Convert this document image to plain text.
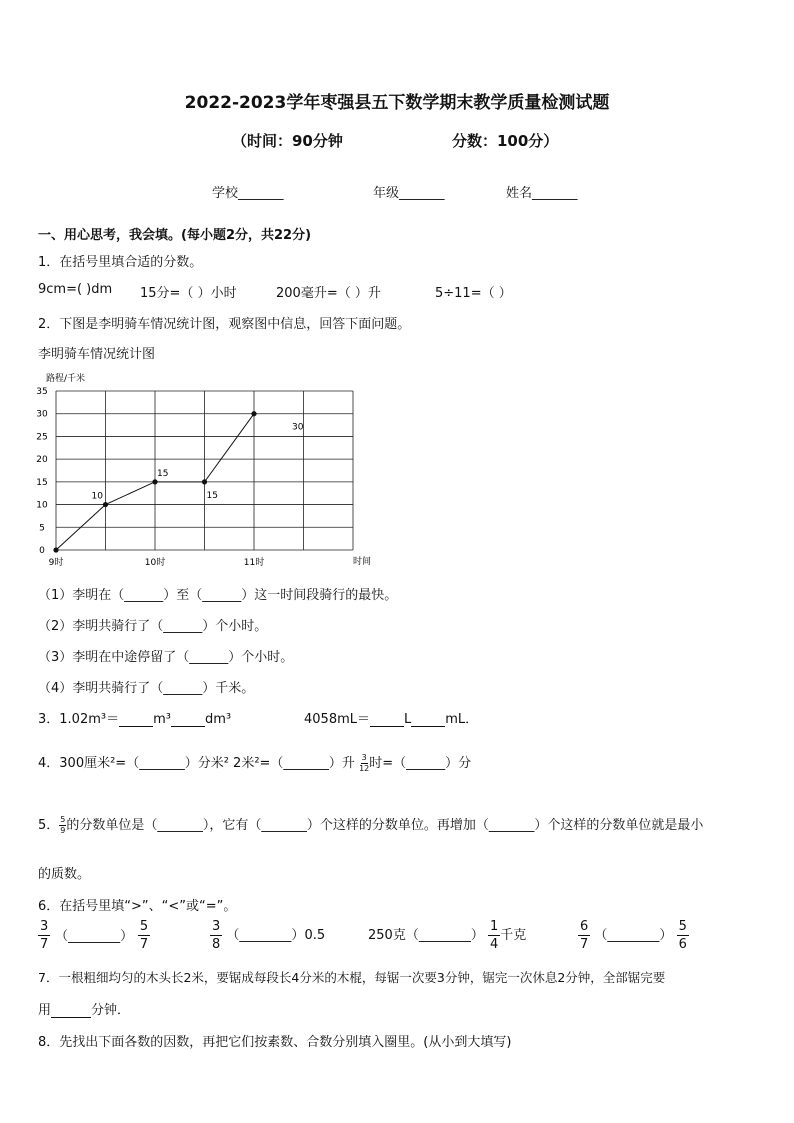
2022-2023学年枣强县五下数学期末教学质量检测试题
（时间：90分钟	分数：100分）
学校_______	年级_______	姓名_______
一、用心思考，我会填。(每小题2分，共22分)
1．在括号里填合适的分数。
9cm=( )dm 15分=（ ）小时	200毫升=（ ）升	5÷11=（ ）
2．下图是李明骑车情况统计图，观察图中信息，回答下面问题。
李明骑车情况统计图
路程/千米
时间
0
5
10
15
20
25
30
35
9时	10时	11时
10
15
15
30
（1）李明在（______）至（______）这一时间段骑行的最快。
（2）李明共骑行了（______）个小时。
（3）李明在中途停留了（______）个小时。
（4）李明共骑行了（______）千米。
3．1.02m³＝	m³	dm³	4058mL＝	L	mL．
4．300厘米²=（_______）分米² 2米²=（_______）升 $\frac{3}{12}$ 时=（______）分
5． $\frac{5}{9}$ 的分数单位是（_______），它有（_______）个这样的分数单位。再增加（_______）个这样的分数单位就是最小
的质数。
6．在括号里填“>”、“<”或“=”。
$\frac{3}{7}$ （________） $\frac{5}{7}$	$\frac{3}{8}$ （________）0.5	250克（________） $\frac{1}{4}$ 千克	$\frac{6}{7}$ （________） $\frac{5}{6}$
7．一根粗细均匀的木头长2米，要锯成每段长4分米的木棍，每锯一次要3分钟，锯完一次休息2分钟，全部锯完要
用	分钟．
8．先找出下面各数的因数，再把它们按素数、合数分别填入圈里。(从小到大填写)
